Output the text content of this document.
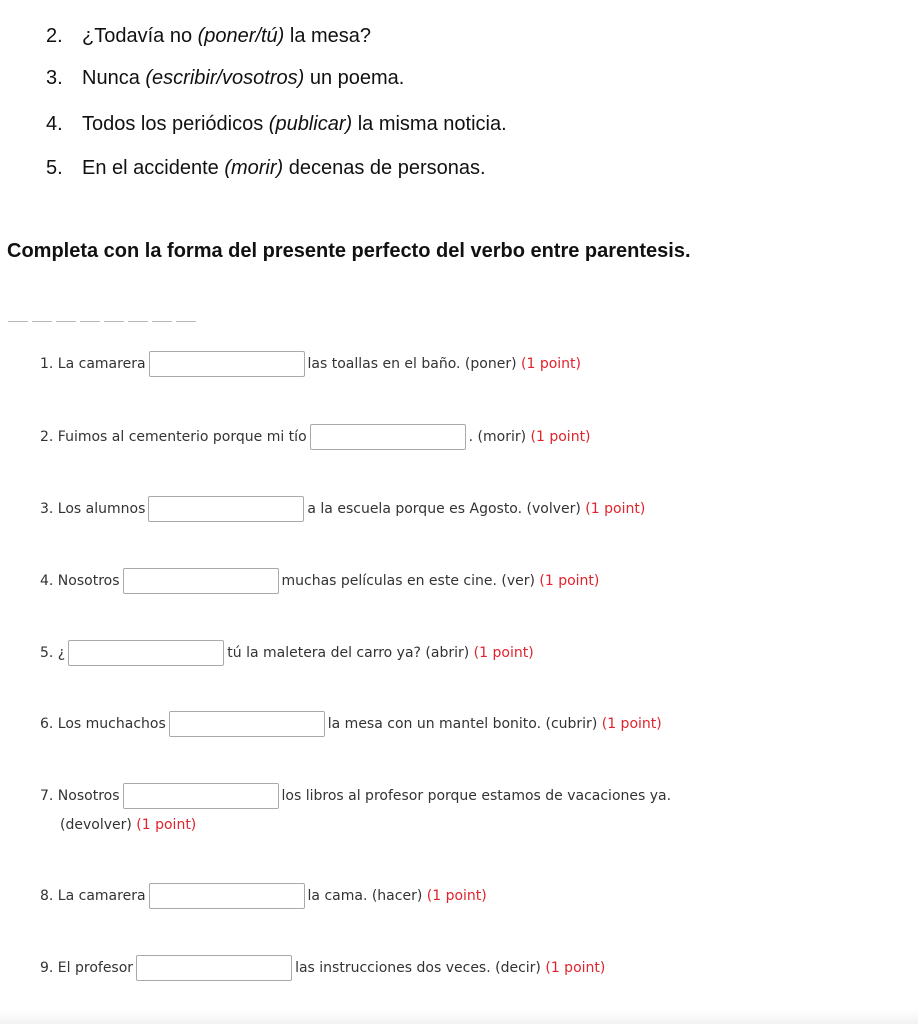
2. ¿Todavía no (poner/tú) la mesa?
3. Nunca (escribir/vosotros) un poema.
4. Todos los periódicos (publicar) la misma noticia.
5. En el accidente (morir) decenas de personas.
Completa con la forma del presente perfecto del verbo entre parentesis.
1. La camarera	las toallas en el baño. (poner) (1 point)
2. Fuimos al cementerio porque mi tío	. (morir) (1 point)
3. Los alumnos	a la escuela porque es Agosto. (volver) (1 point)
4. Nosotros	muchas películas en este cine. (ver) (1 point)
5. ¿	tú la maletera del carro ya? (abrir) (1 point)
6. Los muchachos	la mesa con un mantel bonito. (cubrir) (1 point)
7. Nosotros	los libros al profesor porque estamos de vacaciones ya.
(devolver) (1 point)
8. La camarera	la cama. (hacer) (1 point)
9. El profesor	las instrucciones dos veces. (decir) (1 point)
